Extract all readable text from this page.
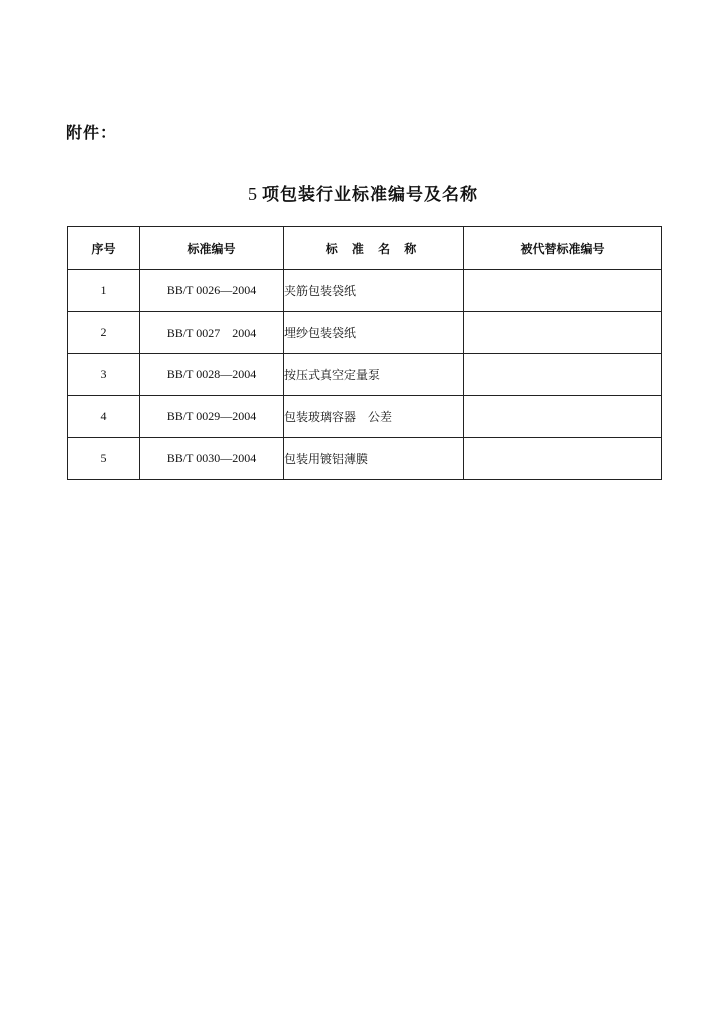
附件：
5 项包装行业标准编号及名称
序号	标准编号	标 准 名 称	被代替标准编号
1	BB/T 0026—2004	夹筋包装袋纸	
2	BB/T 0027　2004	埋纱包装袋纸	
3	BB/T 0028—2004	按压式真空定量泵	
4	BB/T 0029—2004	包装玻璃容器　公差	
5	BB/T 0030—2004	包装用镀铝薄膜	
